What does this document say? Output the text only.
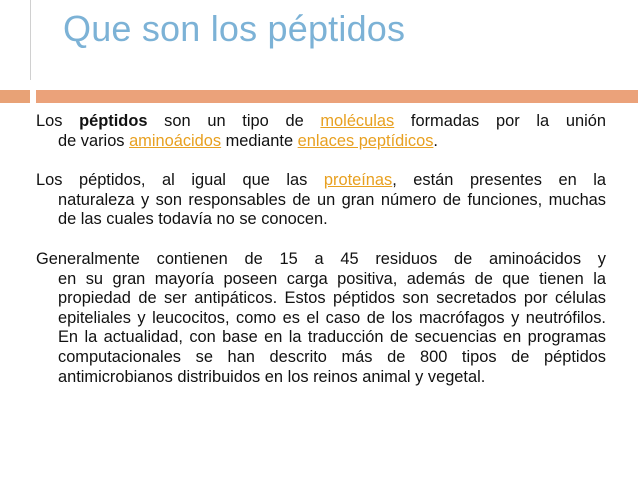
Que son los péptidos
Los péptidos son un tipo de moléculas formadas por la unión
de varios aminoácidos mediante enlaces peptídicos.
Los péptidos, al igual que las proteínas, están presentes en la
naturaleza y son responsables de un gran número de funciones, muchas de las cuales todavía no se conocen.
Generalmente contienen de 15 a 45 residuos de aminoácidos y
en su gran mayoría poseen carga positiva, además de que tienen la propiedad de ser antipáticos. Estos péptidos son secretados por células epiteliales y leucocitos, como es el caso de los macrófagos y neutrófilos. En la actualidad, con base en la traducción de secuencias en programas computacionales se han descrito más de 800 tipos de péptidos antimicrobianos distribuidos en los reinos animal y vegetal.
